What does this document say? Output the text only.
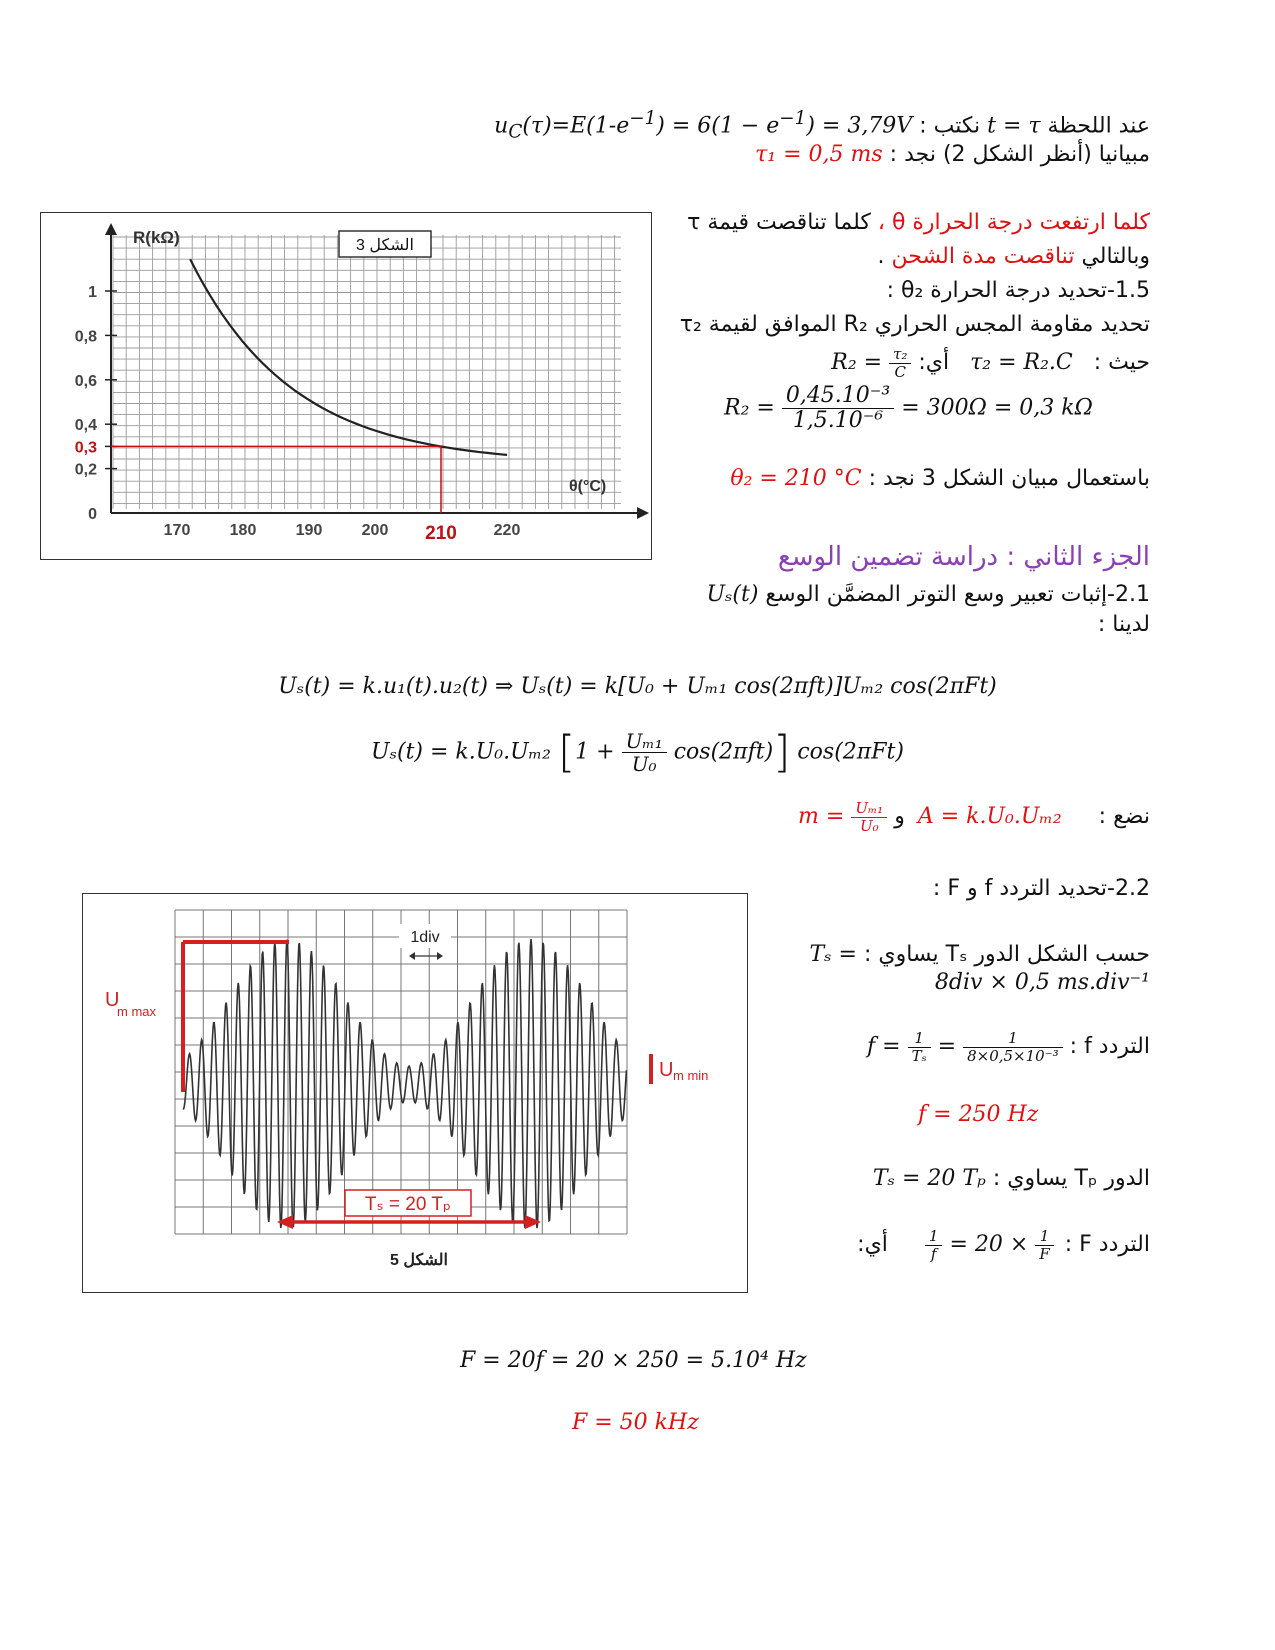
عند اللحظة t = τ نكتب : $u_C(\tau)=E(1-e^{-1}) = 6(1 - e^{-1}) = 3,79V$
مبيانيا (أنظر الشكل 2) نجد : τ₁ = 0,5 ms
كلما ارتفعت درجة الحرارة θ ، كلما تناقصت قيمة τ
وبالتالي تناقصت مدة الشحن .
1.5-تحديد درجة الحرارة θ₂ :
تحديد مقاومة المجس الحراري R₂ الموافق لقيمة τ₂
حيث : τ₂ = R₂.C أي: $R_2 = \frac{\text{τ₂}}{C}$
$R_2 = \frac{\text{0,45.10⁻³}}{\text{1,5.10⁻⁶}} = 300\Omega = 0,3$ kΩ
باستعمال مبيان الشكل 3 نجد : θ₂ = 210 °C
R(kΩ)
θ(°C)
الشكل 3
1
0,8
0,6
0,4
0,3
0,2
0
170 180 190 200 210 220
الجزء الثاني : دراسة تضمين الوسع
2.1-إثبات تعبير وسع التوتر المضمَّن الوسع Uₛ(t)
لدينا :
Uₛ(t) = k.u₁(t).u₂(t) ⇒ Uₛ(t) = k[U₀ + Uₘ₁ cos(2πft)]Uₘ₂ cos(2πFt)
Uₛ(t) = k.U₀.Uₘ₂ $[1 + \frac{\text{Uₘ₁}}{\text{U₀}} \cos(2\pi ft)]$ cos(2πFt)
نضع : A = k.U₀.Uₘ₂ و $m = \frac{\text{Uₘ₁}}{\text{U₀}}$
2.2-تحديد التردد f و F :
حسب الشكل الدور Tₛ يساوي : Tₛ =
8div × 0,5 ms.div⁻¹
التردد f : $f = \frac{1}{\text{Tₛ}} = \frac{1}{\text{8×0,5×10⁻³}}$
f = 250 Hz
الدور Tₚ يساوي : Tₛ = 20 Tₚ
التردد F :
$\frac{1}{f} = 20 \times \frac{1}{F}$
أي:
F = 20f = 20 × 250 = 5.10⁴ Hz
F = 50 kHz
U
m max
U m min
1div
Tₛ = 20 Tₚ
الشكل 5
